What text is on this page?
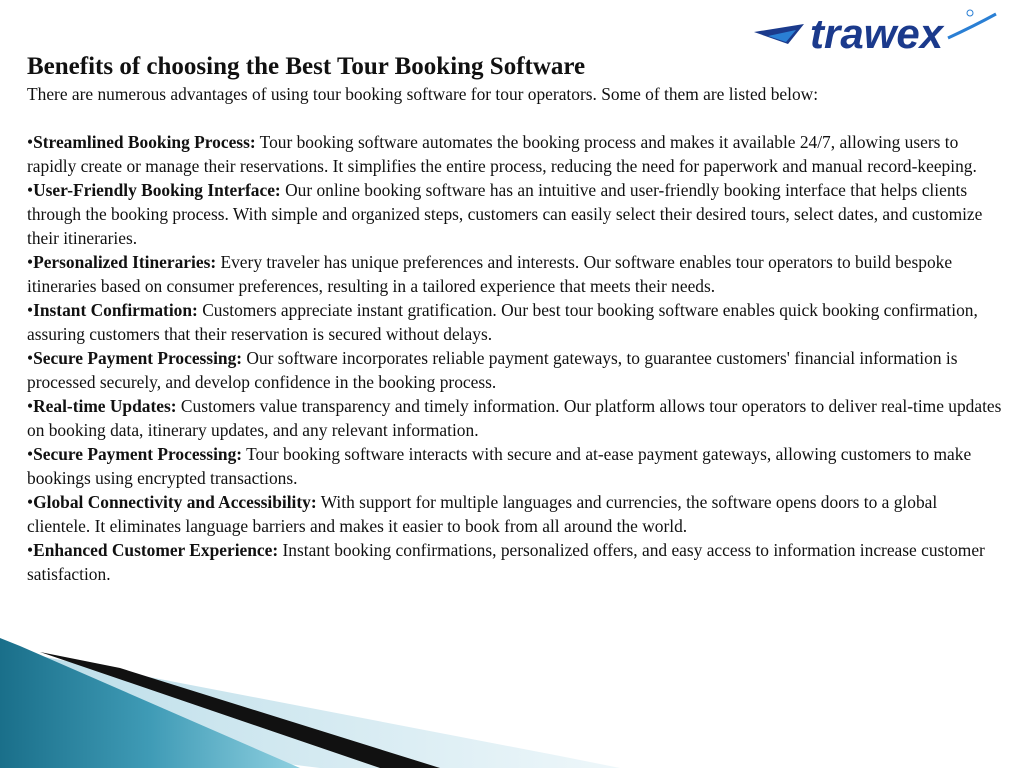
trawex
Benefits of choosing the Best Tour Booking Software

There are numerous advantages of using tour booking software for tour operators. Some of them are listed below:

•Streamlined Booking Process: Tour booking software automates the booking process and makes it available 24/7, allowing users to rapidly create or manage their reservations. It simplifies the entire process, reducing the need for paperwork and manual record-keeping.
•User-Friendly Booking Interface: Our online booking software has an intuitive and user-friendly booking interface that helps clients through the booking process. With simple and organized steps, customers can easily select their desired tours, select dates, and customize their itineraries.
•Personalized Itineraries: Every traveler has unique preferences and interests. Our software enables tour operators to build bespoke itineraries based on consumer preferences, resulting in a tailored experience that meets their needs.
•Instant Confirmation: Customers appreciate instant gratification. Our best tour booking software enables quick booking confirmation, assuring customers that their reservation is secured without delays.
•Secure Payment Processing: Our software incorporates reliable payment gateways, to guarantee customers' financial information is processed securely, and develop confidence in the booking process.
•Real-time Updates: Customers value transparency and timely information. Our platform allows tour operators to deliver real-time updates on booking data, itinerary updates, and any relevant information.
•Secure Payment Processing: Tour booking software interacts with secure and at-ease payment gateways, allowing customers to make bookings using encrypted transactions.
•Global Connectivity and Accessibility: With support for multiple languages and currencies, the software opens doors to a global clientele. It eliminates language barriers and makes it easier to book from all around the world.
•Enhanced Customer Experience: Instant booking confirmations, personalized offers, and easy access to information increase customer satisfaction.
